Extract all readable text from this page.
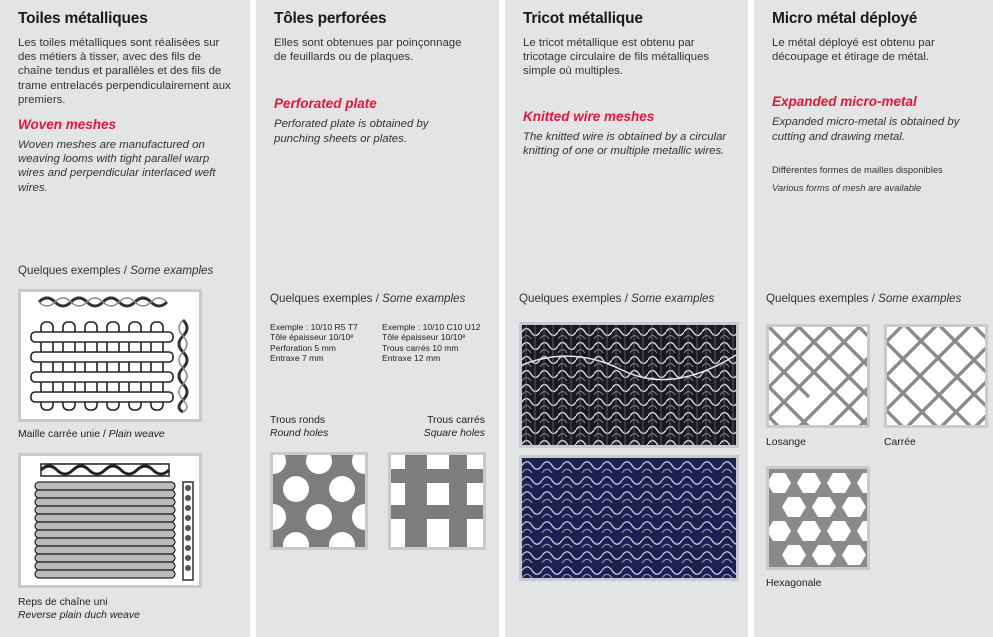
Toiles métalliques

Les toiles métalliques sont réalisées sur des métiers à tisser, avec des fils de chaîne tendus et parallèles et des fils de trame entrelacés perpendiculairement aux premiers.

Woven meshes

Woven meshes are manufactured on weaving looms with tight parallel warp wires and perpendicular interlaced weft wires.

Quelques exemples / Some examples

Maille carrée unie / Plain weave
Reps de chaîne uni
Reverse plain duch weave
Tôles perforées

Elles sont obtenues par poinçonnage de feuillards ou de plaques.

Perforated plate

Perforated plate is obtained by punching sheets or plates.

Quelques exemples / Some examples

Exemple : 10/10 R5 T7
Tôle épaisseur 10/10ᵉ
Perforation 5 mm
Entraxe 7 mm
Exemple : 10/10 C10 U12
Tôle épaisseur 10/10ᵉ
Trous carrés 10 mm
Entraxe 12 mm
Trous ronds
Round holes
Trous carrés
Square holes
Tricot métallique

Le tricot métallique est obtenu par tricotage circulaire de fils métalliques simple où multiples.

Knitted wire meshes

The knitted wire is obtained by a circular knitting of one or multiple metallic wires.

Quelques exemples / Some examples

Micro métal déployé

Le métal déployé est obtenu par découpage et étirage de métal.

Expanded micro-metal

Expanded micro-metal is obtained by cutting and drawing metal.

Différentes formes de mailles disponibles

Various forms of mesh are available

Quelques exemples / Some examples

Losange	Carrée
Hexagonale
